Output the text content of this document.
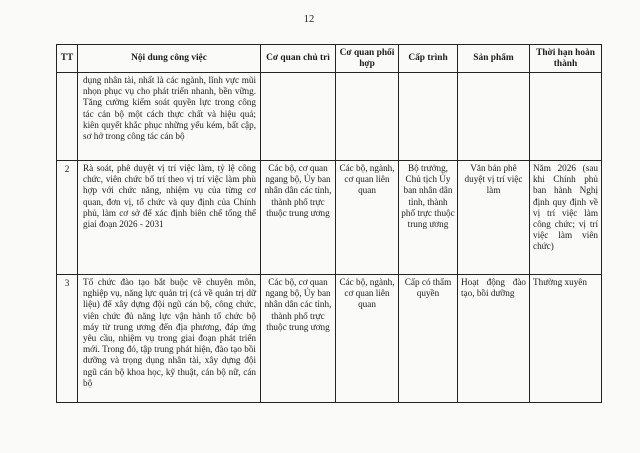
12
TT	Nội dung công việc	Cơ quan chủ trì	Cơ quan phối hợp	Cấp trình	Sản phẩm	Thời hạn hoàn thành
	dụng nhân tài, nhất là các ngành, lĩnh vực mũi nhọn phục vụ cho phát triển nhanh, bền vững. Tăng cường kiểm soát quyền lực trong công tác cán bộ một cách thực chất và hiệu quả; kiên quyết khắc phục những yếu kém, bất cập, sơ hở trong công tác cán bộ					
2	Rà soát, phê duyệt vị trí việc làm, tỷ lệ công chức, viên chức bố trí theo vị trí việc làm phù hợp với chức năng, nhiệm vụ của từng cơ quan, đơn vị, tổ chức và quy định của Chính phủ, làm cơ sở để xác định biên chế tổng thể giai đoạn 2026 - 2031	Các bộ, cơ quan ngang bộ, Ủy ban nhân dân các tỉnh, thành phố trực thuộc trung ương	Các bộ, ngành, cơ quan liên quan	Bộ trưởng, Chủ tịch Ủy ban nhân dân tỉnh, thành phố trực thuộc trung ương	Văn bản phê duyệt vị trí việc làm	Năm 2026 (sau khi Chính phủ ban hành Nghị định quy định về vị trí việc làm công chức; vị trí việc làm viên chức)
3	Tổ chức đào tạo bắt buộc về chuyên môn, nghiệp vụ, năng lực quản trị (cả về quản trị dữ liệu) để xây dựng đội ngũ cán bộ, công chức, viên chức đủ năng lực vận hành tổ chức bộ máy từ trung ương đến địa phương, đáp ứng yêu cầu, nhiệm vụ trong giai đoạn phát triển mới. Trong đó, tập trung phát hiện, đào tạo bồi dưỡng và trọng dụng nhân tài, xây dựng đội ngũ cán bộ khoa học, kỹ thuật, cán bộ nữ, cán bộ	Các bộ, cơ quan ngang bộ, Ủy ban nhân dân các tỉnh, thành phố trực thuộc trung ương	Các bộ, ngành, cơ quan liên quan	Cấp có thẩm quyền	Hoạt động đào tạo, bồi dưỡng	Thường xuyên
